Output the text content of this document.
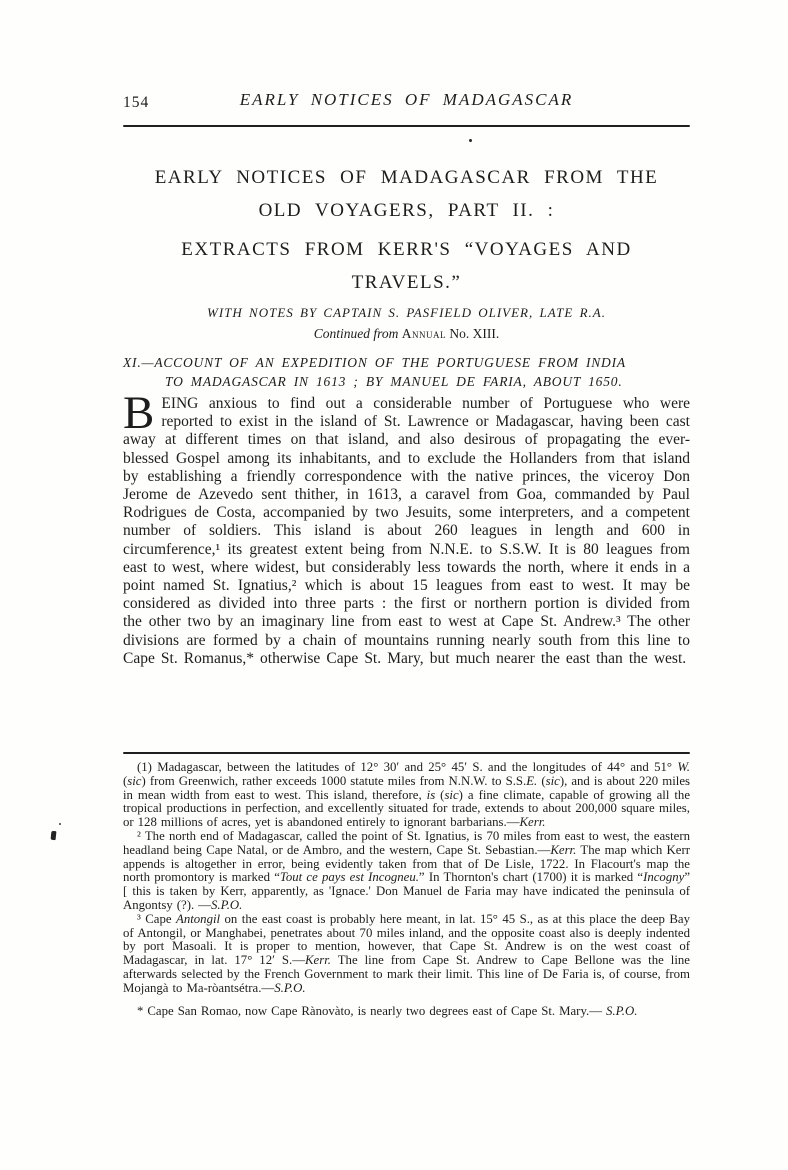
154	EARLY NOTICES OF MADAGASCAR
EARLY NOTICES OF MADAGASCAR FROM THE
OLD VOYAGERS, PART II. :
EXTRACTS FROM KERR'S “VOYAGES AND
TRAVELS.”
WITH NOTES BY CAPTAIN S. PASFIELD OLIVER, LATE R.A.
Continued from Annual No. XIII.
XI.—ACCOUNT OF AN EXPEDITION OF THE PORTUGUESE FROM INDIA
TO MADAGASCAR IN 1613 ; BY MANUEL DE FARIA, ABOUT 1650.
BEING anxious to find out a considerable number of Portuguese who were reported to exist in the island of St. Lawrence or Madagascar, having been cast away at different times on that island, and also desirous of propagating the ever-blessed Gospel among its inhabitants, and to exclude the Hollanders from that island by establishing a friendly correspondence with the native princes, the viceroy Don Jerome de Azevedo sent thither, in 1613, a caravel from Goa, commanded by Paul Rodrigues de Costa, accompanied by two Jesuits, some interpreters, and a competent number of soldiers. This island is about 260 leagues in length and 600 in circumference,¹ its greatest extent being from N.N.E. to S.S.W. It is 80 leagues from east to west, where widest, but considerably less towards the north, where it ends in a point named St. Ignatius,² which is about 15 leagues from east to west. It may be considered as divided into three parts : the first or northern portion is divided from the other two by an imaginary line from east to west at Cape St. Andrew.³ The other divisions are formed by a chain of mountains running nearly south from this line to Cape St. Romanus,* otherwise Cape St. Mary, but much nearer the east than the west.

(1) Madagascar, between the latitudes of 12° 30′ and 25° 45′ S. and the longitudes of 44° and 51° W. (sic) from Greenwich, rather exceeds 1000 statute miles from N.N.W. to S.S.E. (sic), and is about 220 miles in mean width from east to west. This island, therefore, is (sic) a fine climate, capable of growing all the tropical productions in perfection, and excellently situated for trade, extends to about 200,000 square miles, or 128 millions of acres, yet is abandoned entirely to ignorant barbarians.—Kerr.

² The north end of Madagascar, called the point of St. Ignatius, is 70 miles from east to west, the eastern headland being Cape Natal, or de Ambro, and the western, Cape St. Sebastian.—Kerr. The map which Kerr appends is altogether in error, being evidently taken from that of De Lisle, 1722. In Flacourt's map the north promontory is marked “Tout ce pays est Incogneu.” In Thornton's chart (1700) it is marked “Incogny” [ this is taken by Kerr, apparently, as 'Ignace.' Don Manuel de Faria may have indicated the peninsula of Angontsy (?). —S.P.O.

³ Cape Antongil on the east coast is probably here meant, in lat. 15° 45 S., as at this place the deep Bay of Antongil, or Manghabei, penetrates about 70 miles inland, and the opposite coast also is deeply indented by port Masoali. It is proper to mention, however, that Cape St. Andrew is on the west coast of Madagascar, in lat. 17° 12′ S.—Kerr. The line from Cape St. Andrew to Cape Bellone was the line afterwards selected by the French Government to mark their limit. This line of De Faria is, of course, from Mojangà to Ma-ròantsétra.—S.P.O.

* Cape San Romao, now Cape Rànovàto, is nearly two degrees east of Cape St. Mary.— S.P.O.
